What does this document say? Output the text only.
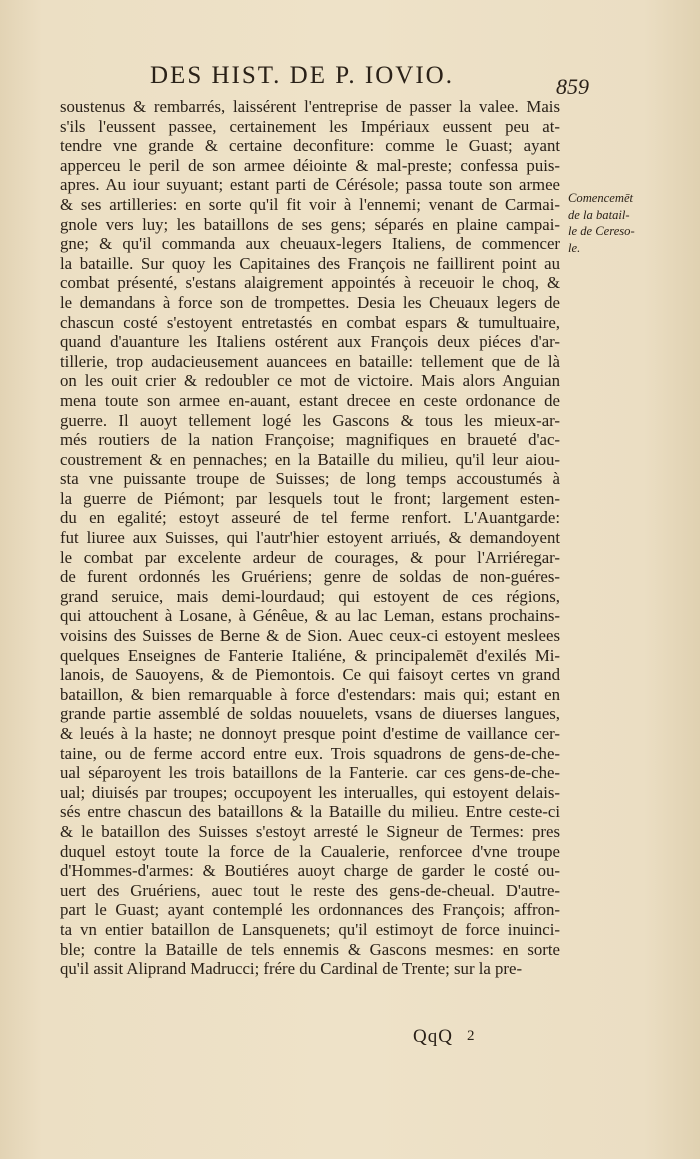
DES HIST. DE P. IOVIO.	859
soustenus & rembarrés, laissérent l'entreprise de passer la valee. Mais
s'ils l'eussent passee, certainement les Impériaux eussent peu at-
tendre vne grande & certaine deconfiture: comme le Guast; ayant
apperceu le peril de son armee déiointe & mal-preste; confessa puis-
apres. Au iour suyuant; estant parti de Cérésole; passa toute son armee
& ses artilleries: en sorte qu'il fit voir à l'ennemi; venant de Carmai-
gnole vers luy; les bataillons de ses gens; séparés en plaine campai-
gne; & qu'il commanda aux cheuaux-legers Italiens, de commencer
la bataille. Sur quoy les Capitaines des François ne faillirent point au
combat présenté, s'estans alaigrement appointés à receuoir le choq, &
le demandans à force son de trompettes. Desia les Cheuaux legers de
chascun costé s'estoyent entretastés en combat espars & tumultuaire,
quand d'auanture les Italiens ostérent aux François deux piéces d'ar-
tillerie, trop audacieusement auancees en bataille: tellement que de là
on les ouit crier & redoubler ce mot de victoire. Mais alors Anguian
mena toute son armee en-auant, estant drecee en ceste ordonance de
guerre. Il auoyt tellement logé les Gascons & tous les mieux-ar-
més routiers de la nation Françoise; magnifiques en braueté d'ac-
coustrement & en pennaches; en la Bataille du milieu, qu'il leur aiou-
sta vne puissante troupe de Suisses; de long temps accoustumés à
la guerre de Piémont; par lesquels tout le front; largement esten-
du en egalité; estoyt asseuré de tel ferme renfort. L'Auantgarde:
fut liuree aux Suisses, qui l'autr'hier estoyent arriués, & demandoyent
le combat par excelente ardeur de courages, & pour l'Arriéregar-
de furent ordonnés les Gruériens; genre de soldas de non-guéres-
grand seruice, mais demi-lourdaud; qui estoyent de ces régions,
qui attouchent à Losane, à Génêue, & au lac Leman, estans prochains-
voisins des Suisses de Berne & de Sion. Auec ceux-ci estoyent meslees
quelques Enseignes de Fanterie Italiéne, & principalemēt d'exilés Mi-
lanois, de Sauoyens, & de Piemontois. Ce qui faisoyt certes vn grand
bataillon, & bien remarquable à force d'estendars: mais qui; estant en
grande partie assemblé de soldas nouuelets, vsans de diuerses langues,
& leués à la haste; ne donnoyt presque point d'estime de vaillance cer-
taine, ou de ferme accord entre eux. Trois squadrons de gens-de-che-
ual séparoyent les trois bataillons de la Fanterie. car ces gens-de-che-
ual; diuisés par troupes; occupoyent les interualles, qui estoyent delais-
sés entre chascun des bataillons & la Bataille du milieu. Entre ceste-ci
& le bataillon des Suisses s'estoyt arresté le Signeur de Termes: pres
duquel estoyt toute la force de la Caualerie, renforcee d'vne troupe
d'Hommes-d'armes: & Boutiéres auoyt charge de garder le costé ou-
uert des Gruériens, auec tout le reste des gens-de-cheual. D'autre-
part le Guast; ayant contemplé les ordonnances des François; affron-
ta vn entier bataillon de Lansquenets; qu'il estimoyt de force inuinci-
ble; contre la Bataille de tels ennemis & Gascons mesmes: en sorte
qu'il assit Aliprand Madrucci; frére du Cardinal de Trente; sur la pre-
Comencemēt
de la batail-
le de Cereso-
le.
QqQ 2
